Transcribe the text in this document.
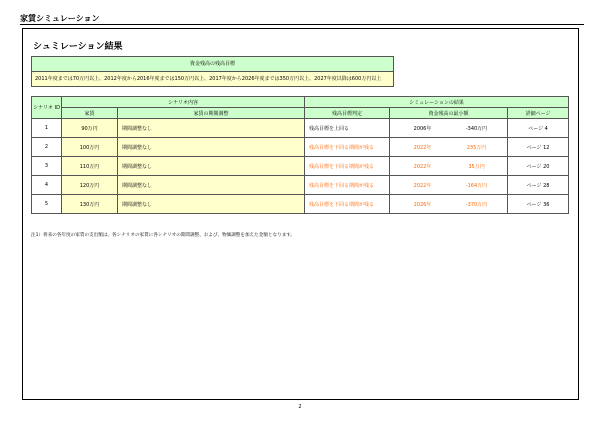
家賃シミュレーション
シュミレーション結果
資金残高の残高目標
2011年度までは70万円以上、2012年度から2016年度までは150万円以上、2017年度から2026年度までは350万円以上、2027年度以降は600万円以上
シナリオ ID	シナリオ内容		シミュレーションの結果		
	家賃	家賃の期間調整	残高目標判定	資金残高の最小額	詳細ページ
1	90万円	期間調整なし	残高目標を上回る	2006年 -340万円	ページ 4
2	100万円	期間調整なし	残高目標を下回る期間が残る	2022年 235万円	ページ 12
3	110万円	期間調整なし	残高目標を下回る期間が残る	2022年 35万円	ページ 20
4	120万円	期間調整なし	残高目標を下回る期間が残る	2022年 -164万円	ページ 28
5	130万円	期間調整なし	残高目標を下回る期間が残る	2026年 -370万円	ページ 36
注1）将来の各年度の家賃の支出額は、各シナリオの家賃に各シナリオの期間調整、および、物価調整を加えた金額となります。
2
